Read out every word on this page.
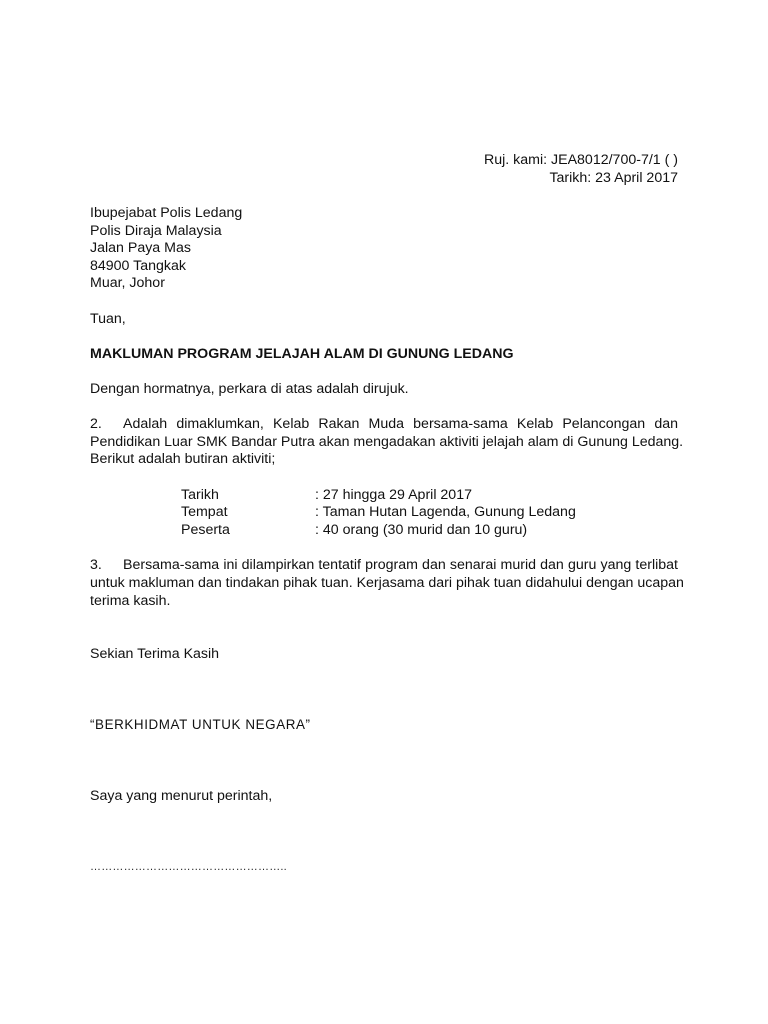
Ruj. kami: JEA8012/700-7/1 ( )
Tarikh: 23 April 2017
Ibupejabat Polis Ledang
Polis Diraja Malaysia
Jalan Paya Mas
84900 Tangkak
Muar, Johor
Tuan,
MAKLUMAN PROGRAM JELAJAH ALAM DI GUNUNG LEDANG
Dengan hormatnya, perkara di atas adalah dirujuk.
2. Adalah dimaklumkan, Kelab Rakan Muda bersama-sama Kelab Pelancongan dan
Pendidikan Luar SMK Bandar Putra akan mengadakan aktiviti jelajah alam di Gunung Ledang.
Berikut adalah butiran aktiviti;
Tarikh	: 27 hingga 29 April 2017
Tempat	: Taman Hutan Lagenda, Gunung Ledang
Peserta	: 40 orang (30 murid dan 10 guru)
3. Bersama-sama ini dilampirkan tentatif program dan senarai murid dan guru yang terlibat
untuk makluman dan tindakan pihak tuan. Kerjasama dari pihak tuan didahului dengan ucapan
terima kasih.
Sekian Terima Kasih
“BERKHIDMAT UNTUK NEGARA”
Saya yang menurut perintah,
……………………………………………..
